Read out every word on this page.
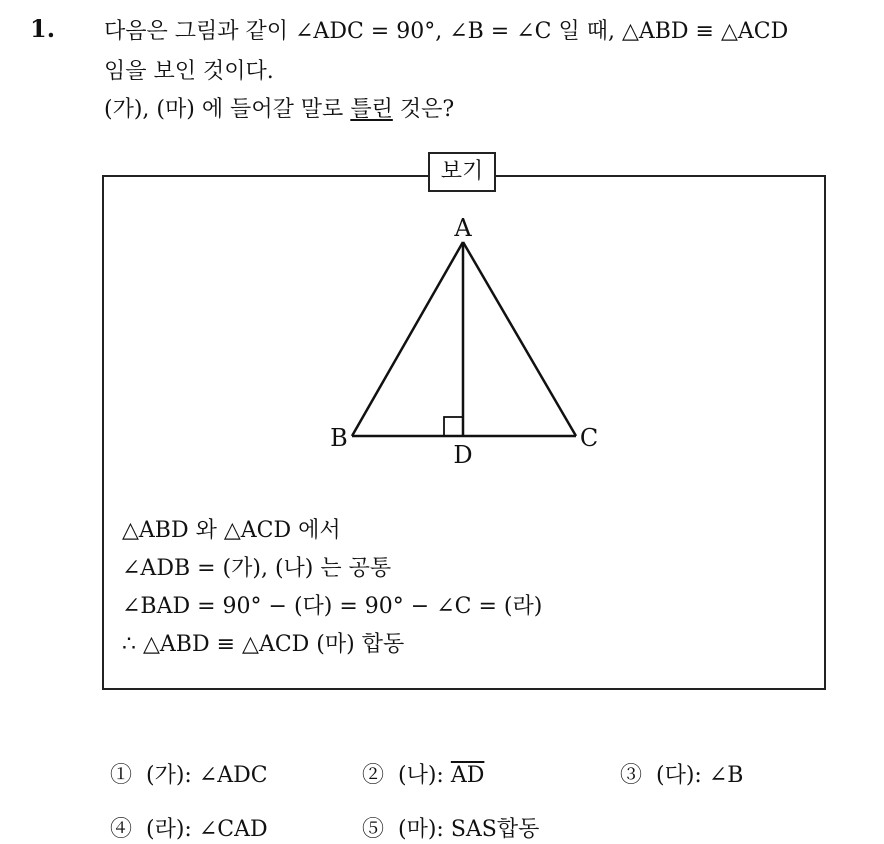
1. 다음은 그림과 같이 ∠ADC = 90°, ∠B = ∠C 일 때, △ABD ≡ △ACD
임을 보인 것이다.
(가), (마) 에 들어갈 말로 틀린 것은?
보기
A
B	C
D
△ABD 와 △ACD 에서
∠ADB = (가), (나) 는 공통
∠BAD = 90° − (다) = 90° − ∠C = (라)
∴ △ABD ≡ △ACD (마) 합동
① (가): ∠ADC	② (나): $\overline{AD}$	③ (다): ∠B
④ (라): ∠CAD	⑤ (마): SAS합동
